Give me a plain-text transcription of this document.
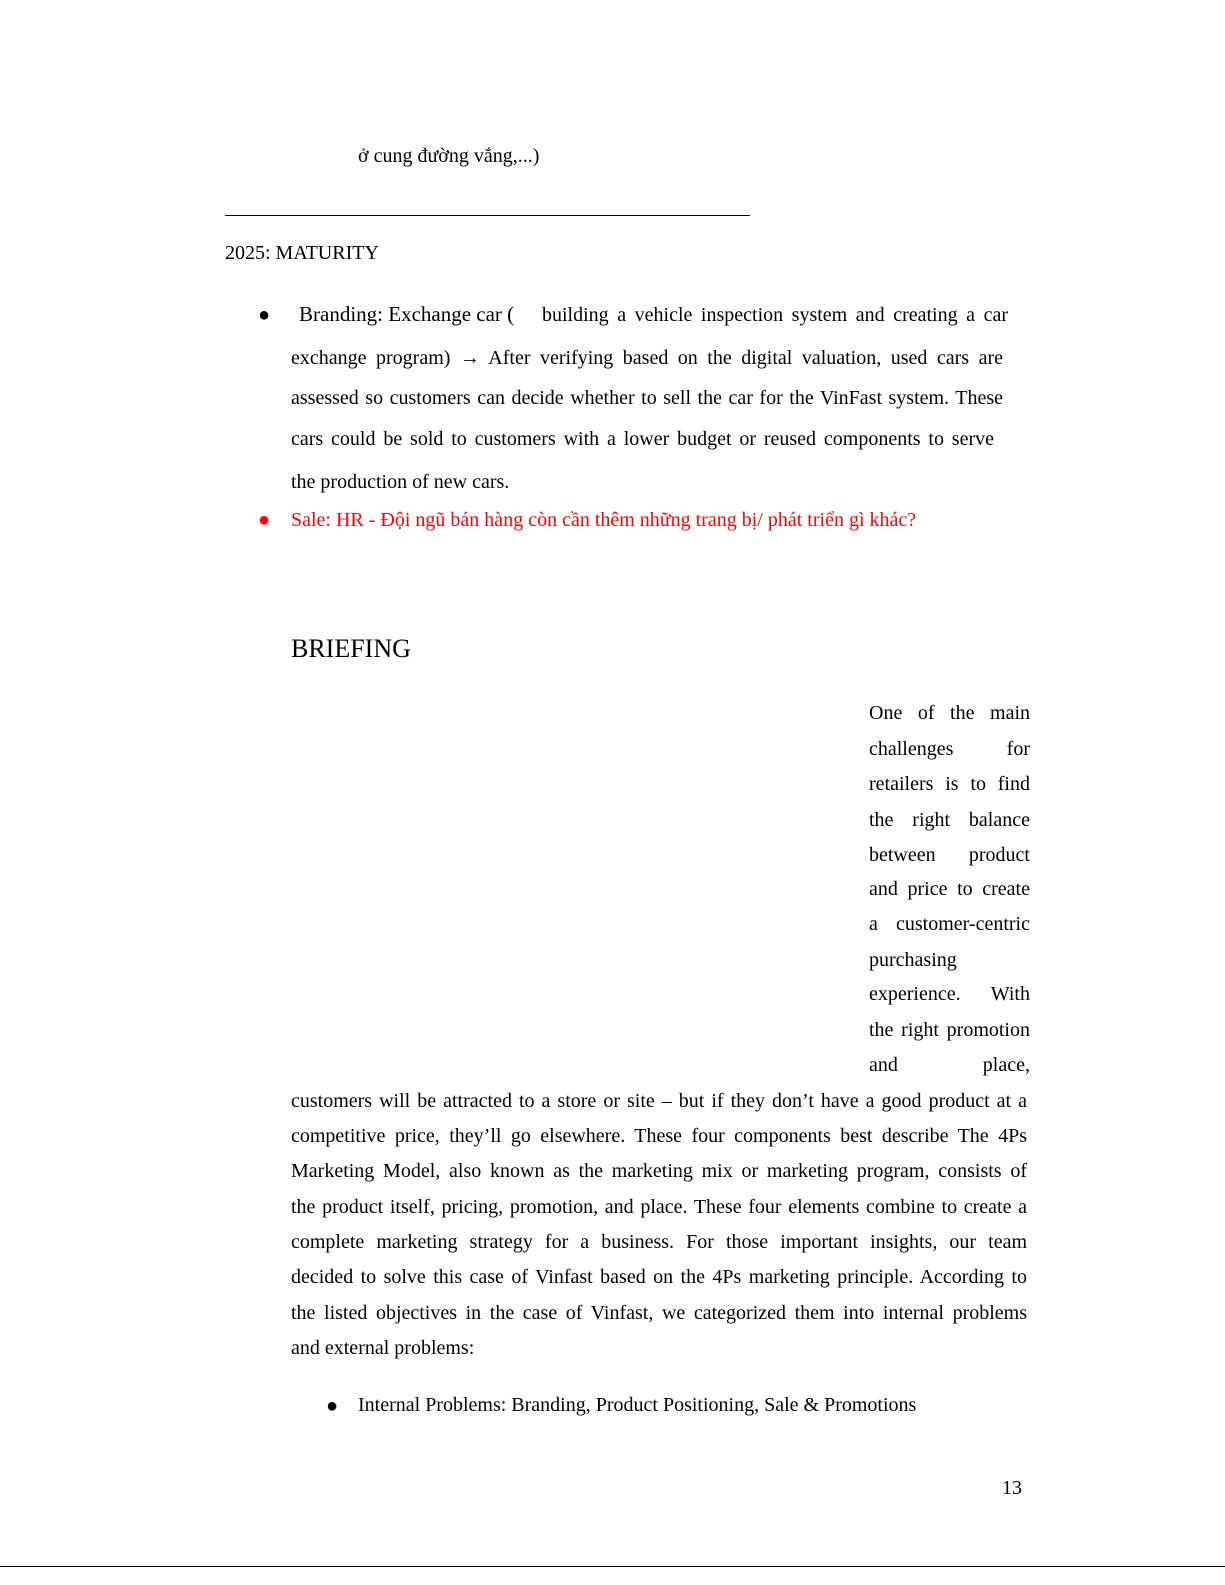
ở cung đường vắng,...)
2025: MATURITY
● Branding: Exchange car ( building a vehicle inspection system and creating a car
exchange program) → After verifying based on the digital valuation, used cars are
assessed so customers can decide whether to sell the car for the VinFast system. These
cars could be sold to customers with a lower budget or reused components to serve
the production of new cars.
● Sale: HR - Đội ngũ bán hàng còn cần thêm những trang bị/ phát triển gì khác?
BRIEFING
One of the main
challenges for
retailers is to find
the right balance
between product
and price to create
a customer-centric
purchasing
experience. With
the right promotion
and place,
customers will be attracted to a store or site – but if they don’t have a good product at a
competitive price, they’ll go elsewhere. These four components best describe The 4Ps
Marketing Model, also known as the marketing mix or marketing program, consists of
the product itself, pricing, promotion, and place. These four elements combine to create a
complete marketing strategy for a business. For those important insights, our team
decided to solve this case of Vinfast based on the 4Ps marketing principle. According to
the listed objectives in the case of Vinfast, we categorized them into internal problems
and external problems:
● Internal Problems: Branding, Product Positioning, Sale & Promotions
13
